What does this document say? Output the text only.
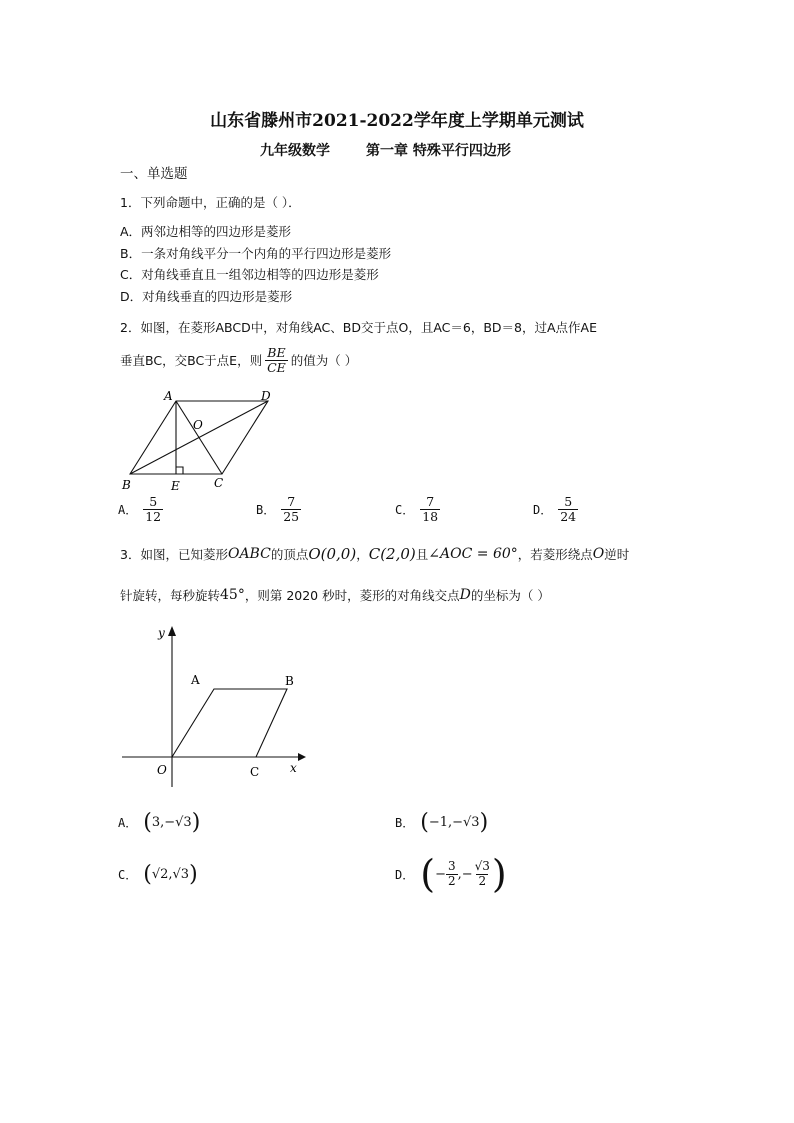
山东省滕州市2021-2022学年度上学期单元测试
九年级数学	第一章 特殊平行四边形
一、单选题
1．下列命题中，正确的是（ ）．
A．两邻边相等的四边形是菱形
B．一条对角线平分一个内角的平行四边形是菱形
C．对角线垂直且一组邻边相等的四边形是菱形
D．对角线垂直的四边形是菱形
2．如图，在菱形ABCD中，对角线AC、BD交于点O，且AC＝6，BD＝8，过A点作AE
垂直BC，交BC于点E，则 $\frac{BE}{CE}$ 的值为（ ）
A	D
O
B	E	C
A． $\frac{5}{12}$	B． $\frac{7}{25}$	C． $\frac{7}{18}$	D． $\frac{5}{24}$
3．如图，已知菱形 OABC 的顶点 O(0,0) ， C(2,0) 且 ∠AOC = 60° ，若菱形绕点 O 逆时
针旋转，每秒旋转 45° ，则第 2020 秒时，菱形的对角线交点 D 的坐标为（ ）
y
x
O
A	B
C
A． ( 3,−√3 )	B． ( −1,−√3 )
C． ( √2,√3 )	D． ( − $\frac{3}{2}$ ,− $\frac{√3}{2}$ )
